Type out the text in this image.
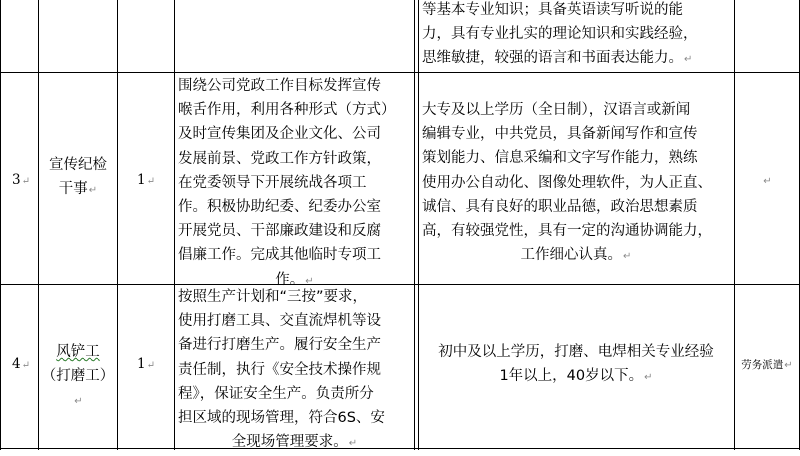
等基本专业知识；具备英语读写听说的能
力，具有专业扎实的理论知识和实践经验，
思维敏捷，较强的语言和书面表达能力。↵
3↵
宣传纪检
干事↵
1↵
围绕公司党政工作目标发挥宣传
喉舌作用，利用各种形式（方式）
及时宣传集团及企业文化、公司
发展前景、党政工作方针政策，
在党委领导下开展统战各项工
作。积极协助纪委、纪委办公室
开展党员、干部廉政建设和反腐
倡廉工作。完成其他临时专项工
作。↵
大专及以上学历（全日制），汉语言或新闻
编辑专业，中共党员，具备新闻写作和宣传
策划能力、信息采编和文字写作能力，熟练
使用办公自动化、图像处理软件，为人正直、
诚信、具有良好的职业品德，政治思想素质
高，有较强党性，具有一定的沟通协调能力，
工作细心认真。↵
↵
4↵
风铲工
（打磨工）↵
1↵
按照生产计划和“三按”要求，
使用打磨工具、交直流焊机等设
备进行打磨生产。履行安全生产
责任制，执行《安全技术操作规
程》，保证安全生产。负责所分
担区域的现场管理，符合6S、安
全现场管理要求。↵
初中及以上学历，打磨、电焊相关专业经验
1年以上，40岁以下。↵
劳务派遣↵
